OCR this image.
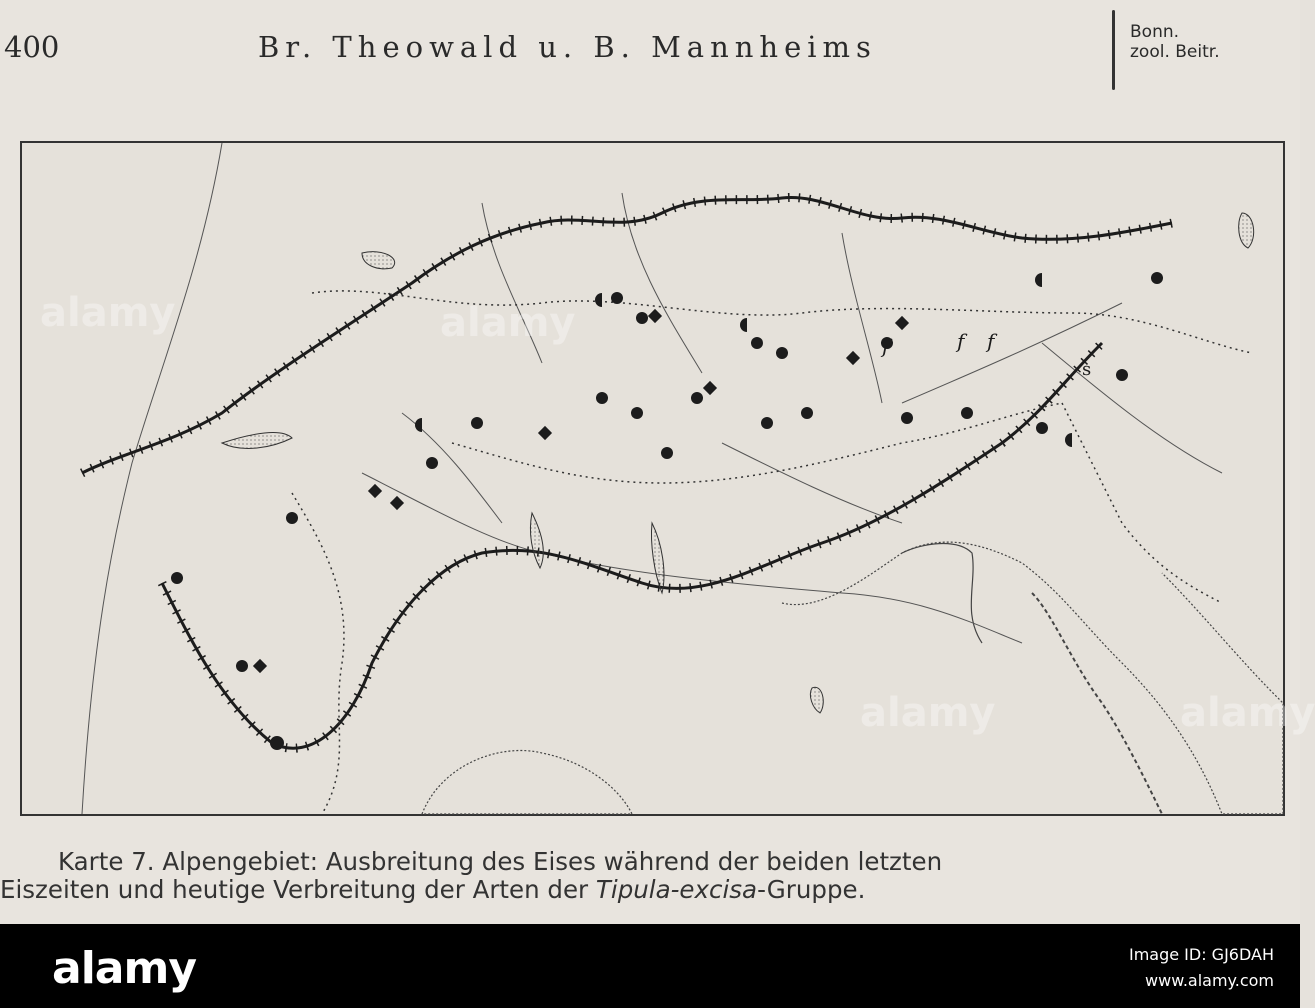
400	Br. Theowald u. B. Mannheims	Bonn.
zool. Beitr.
f	f f
s
Karte 7. Alpengebiet: Ausbreitung des Eises während der beiden letzten
Eiszeiten und heutige Verbreitung der Arten der Tipula-excisa-Gruppe.
alamy	alamy
alamy	alamy
alamy	Image ID: GJ6DAH
www.alamy.com
